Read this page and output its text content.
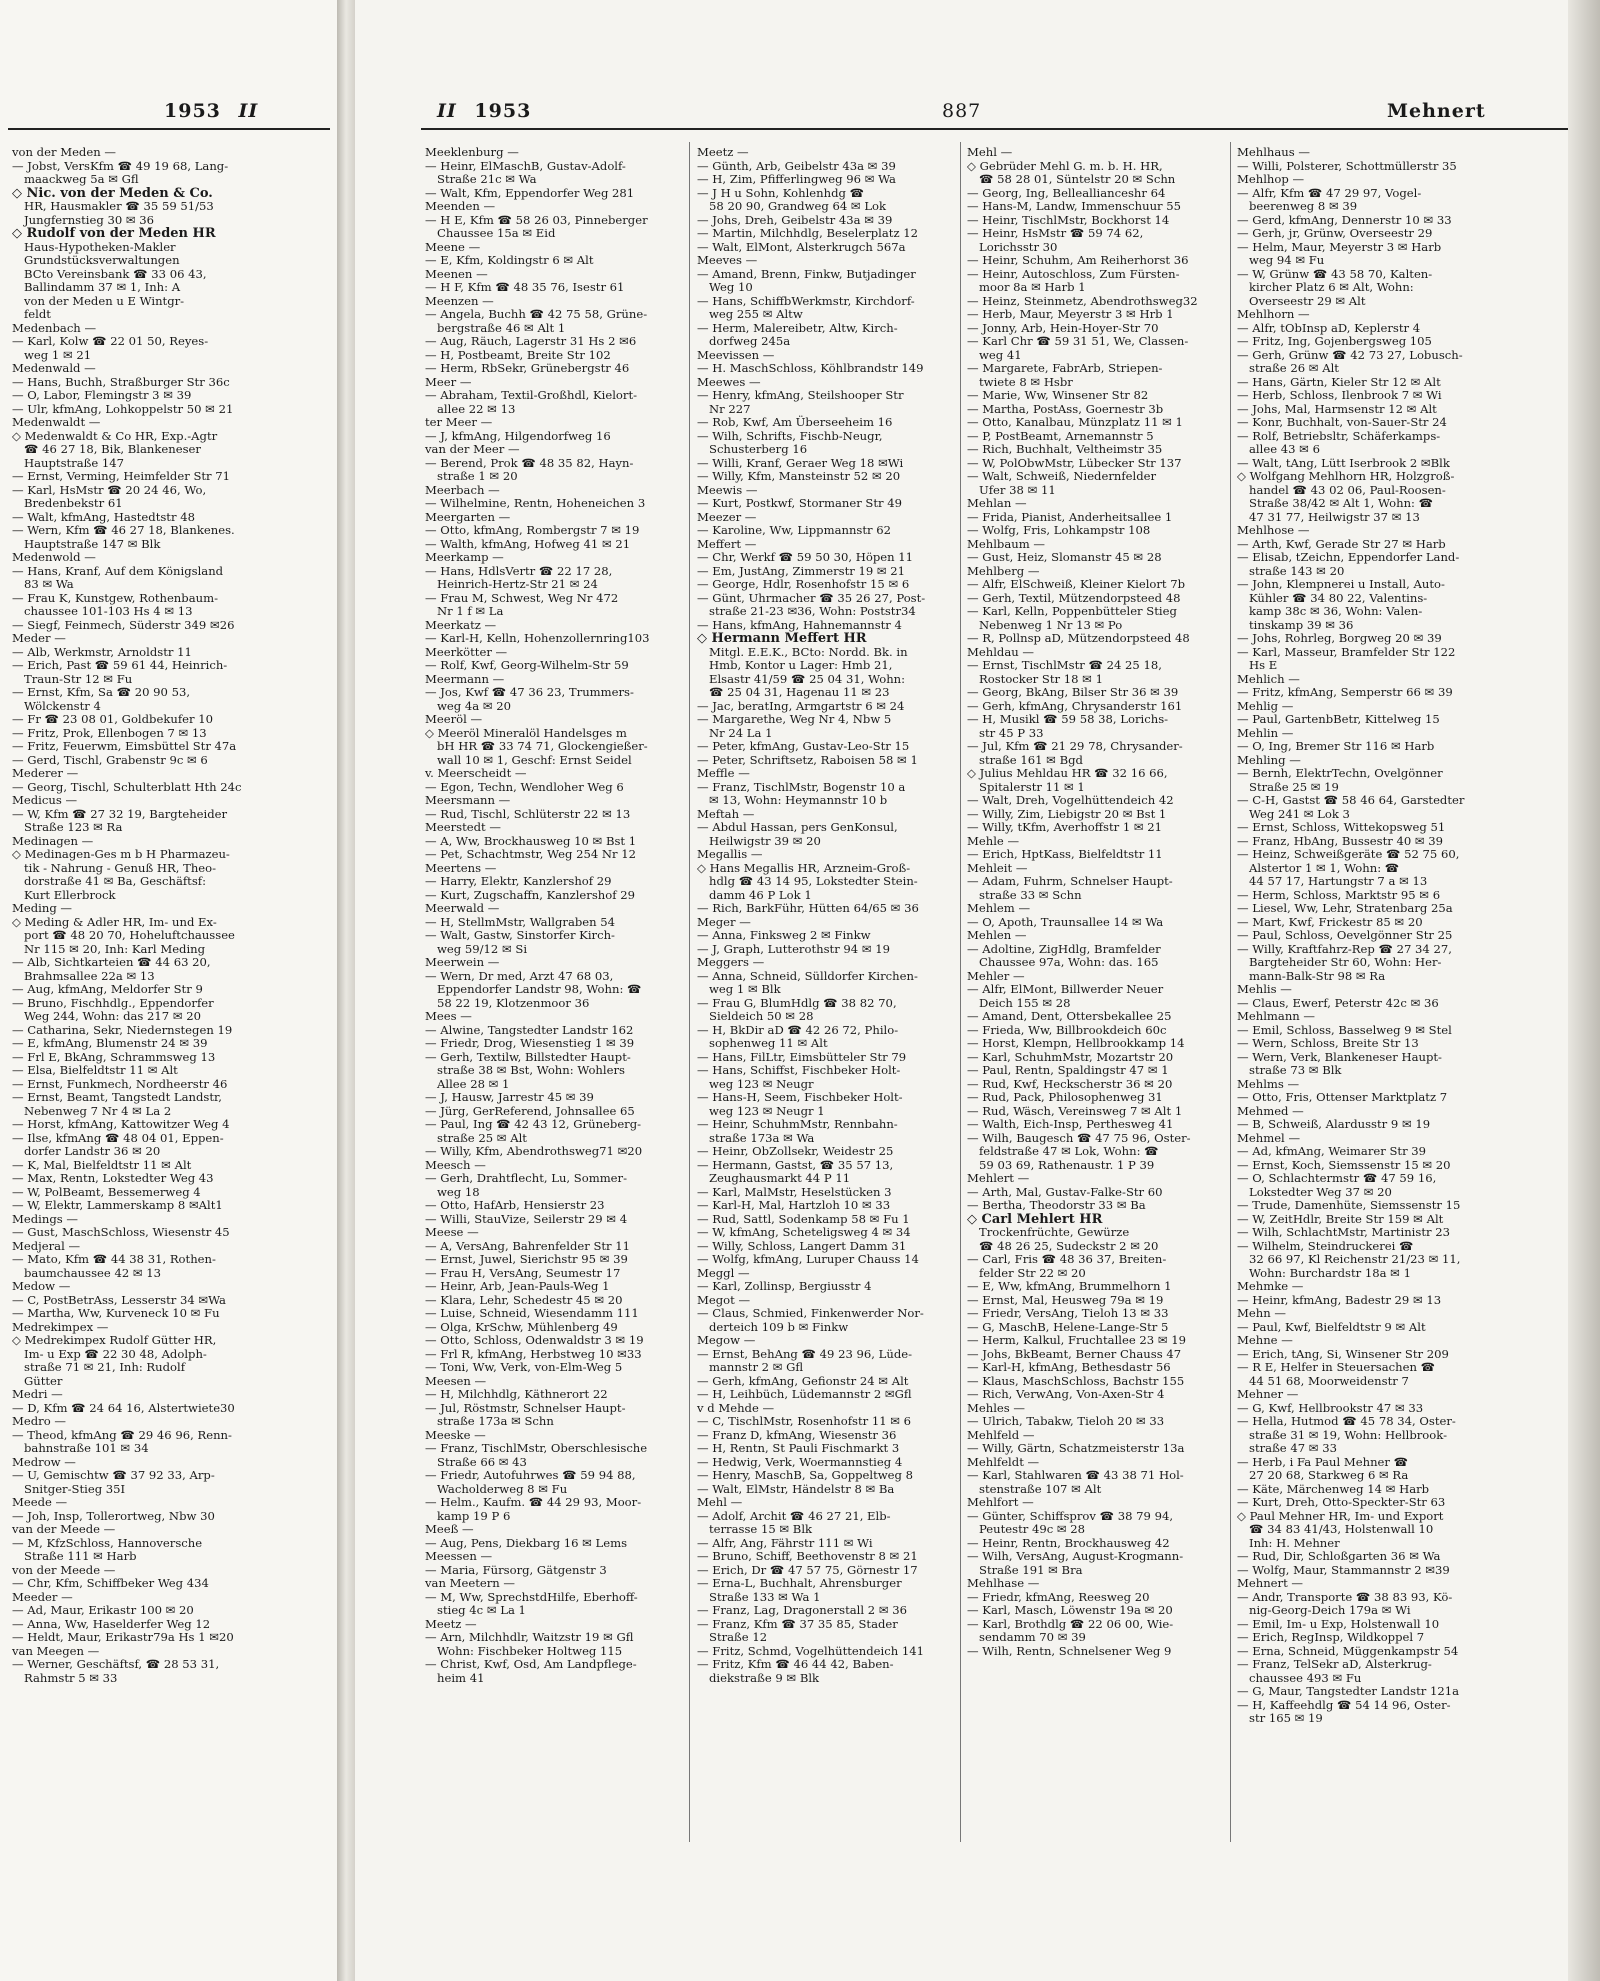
1953 II
von der Meden —
— Jobst, VersKfm ☎ 49 19 68, Lang-
maackweg 5a ✉ Gfl
◇ Nic. von der Meden & Co.
HR, Hausmakler ☎ 35 59 51/53
Jungfernstieg 30 ✉ 36
◇ Rudolf von der Meden HR
Haus-Hypotheken-Makler
Grundstücksverwaltungen
BCto Vereinsbank ☎ 33 06 43,
Ballindamm 37 ✉ 1, Inh: A
von der Meden u E Wintgr-
feldt
Medenbach —
— Karl, Kolw ☎ 22 01 50, Reyes-
weg 1 ✉ 21
Medenwald —
— Hans, Buchh, Straßburger Str 36c
— O, Labor, Flemingstr 3 ✉ 39
— Ulr, kfmAng, Lohkoppelstr 50 ✉ 21
Medenwaldt —
◇ Medenwaldt & Co HR, Exp.-Agtr
☎ 46 27 18, Bik, Blankeneser
Hauptstraße 147
— Ernst, Verming, Heimfelder Str 71
— Karl, HsMstr ☎ 20 24 46, Wo,
Bredenbekstr 61
— Walt, kfmAng, Hastedtstr 48
— Wern, Kfm ☎ 46 27 18, Blankenes.
Hauptstraße 147 ✉ Blk
Medenwold —
— Hans, Kranf, Auf dem Königsland
83 ✉ Wa
— Frau K, Kunstgew, Rothenbaum-
chaussee 101-103 Hs 4 ✉ 13
— Siegf, Feinmech, Süderstr 349 ✉26
Meder —
— Alb, Werkmstr, Arnoldstr 11
— Erich, Past ☎ 59 61 44, Heinrich-
Traun-Str 12 ✉ Fu
— Ernst, Kfm, Sa ☎ 20 90 53,
Wölckenstr 4
— Fr ☎ 23 08 01, Goldbekufer 10
— Fritz, Prok, Ellenbogen 7 ✉ 13
— Fritz, Feuerwm, Eimsbüttel Str 47a
— Gerd, Tischl, Grabenstr 9c ✉ 6
Mederer —
— Georg, Tischl, Schulterblatt Hth 24c
Medicus —
— W, Kfm ☎ 27 32 19, Bargteheider
Straße 123 ✉ Ra
Medinagen —
◇ Medinagen-Ges m b H Pharmazeu-
tik - Nahrung - Genuß HR, Theo-
dorstraße 41 ✉ Ba, Geschäftsf:
Kurt Ellerbrock
Meding —
◇ Meding & Adler HR, Im- und Ex-
port ☎ 48 20 70, Hoheluftchaussee
Nr 115 ✉ 20, Inh: Karl Meding
— Alb, Sichtkarteien ☎ 44 63 20,
Brahmsallee 22a ✉ 13
— Aug, kfmAng, Meldorfer Str 9
— Bruno, Fischhdlg., Eppendorfer
Weg 244, Wohn: das 217 ✉ 20
— Catharina, Sekr, Niedernstegen 19
— E, kfmAng, Blumenstr 24 ✉ 39
— Frl E, BkAng, Schrammsweg 13
— Elsa, Bielfeldtstr 11 ✉ Alt
— Ernst, Funkmech, Nordheerstr 46
— Ernst, Beamt, Tangstedt Landstr,
Nebenweg 7 Nr 4 ✉ La 2
— Horst, kfmAng, Kattowitzer Weg 4
— Ilse, kfmAng ☎ 48 04 01, Eppen-
dorfer Landstr 36 ✉ 20
— K, Mal, Bielfeldtstr 11 ✉ Alt
— Max, Rentn, Lokstedter Weg 43
— W, PolBeamt, Bessemerweg 4
— W, Elektr, Lammerskamp 8 ✉Alt1
Medings —
— Gust, MaschSchloss, Wiesenstr 45
Medjeral —
— Mato, Kfm ☎ 44 38 31, Rothen-
baumchaussee 42 ✉ 13
Medow —
— C, PostBetrAss, Lesserstr 34 ✉Wa
— Martha, Ww, Kurveneck 10 ✉ Fu
Medrekimpex —
◇ Medrekimpex Rudolf Gütter HR,
Im- u Exp ☎ 22 30 48, Adolph-
straße 71 ✉ 21, Inh: Rudolf
Gütter
Medri —
— D, Kfm ☎ 24 64 16, Alstertwiete30
Medro —
— Theod, kfmAng ☎ 29 46 96, Renn-
bahnstraße 101 ✉ 34
Medrow —
— U, Gemischtw ☎ 37 92 33, Arp-
Snitger-Stieg 35I
Meede —
— Joh, Insp, Tollerortweg, Nbw 30
van der Meede —
— M, KfzSchloss, Hannoversche
Straße 111 ✉ Harb
von der Meede —
— Chr, Kfm, Schiffbeker Weg 434
Meeder —
— Ad, Maur, Erikastr 100 ✉ 20
— Anna, Ww, Haselderfer Weg 12
— Heldt, Maur, Erikastr79a Hs 1 ✉20
van Meegen —
— Werner, Geschäftsf, ☎ 28 53 31,
Rahmstr 5 ✉ 33
II 1953	887	Mehnert
Meeklenburg —
— Heinr, ElMaschB, Gustav-Adolf-
Straße 21c ✉ Wa
— Walt, Kfm, Eppendorfer Weg 281
Meenden —
— H E, Kfm ☎ 58 26 03, Pinneberger
Chaussee 15a ✉ Eid
Meene —
— E, Kfm, Koldingstr 6 ✉ Alt
Meenen —
— H F, Kfm ☎ 48 35 76, Isestr 61
Meenzen —
— Angela, Buchh ☎ 42 75 58, Grüne-
bergstraße 46 ✉ Alt 1
— Aug, Räuch, Lagerstr 31 Hs 2 ✉6
— H, Postbeamt, Breite Str 102
— Herm, RbSekr, Grünebergstr 46
Meer —
— Abraham, Textil-Großhdl, Kielort-
allee 22 ✉ 13
ter Meer —
— J, kfmAng, Hilgendorfweg 16
van der Meer —
— Berend, Prok ☎ 48 35 82, Hayn-
straße 1 ✉ 20
Meerbach —
— Wilhelmine, Rentn, Hoheneichen 3
Meergarten —
— Otto, kfmAng, Rombergstr 7 ✉ 19
— Walth, kfmAng, Hofweg 41 ✉ 21
Meerkamp —
— Hans, HdlsVertr ☎ 22 17 28,
Heinrich-Hertz-Str 21 ✉ 24
— Frau M, Schwest, Weg Nr 472
Nr 1 f ✉ La
Meerkatz —
— Karl-H, Kelln, Hohenzollernring103
Meerkötter —
— Rolf, Kwf, Georg-Wilhelm-Str 59
Meermann —
— Jos, Kwf ☎ 47 36 23, Trummers-
weg 4a ✉ 20
Meeröl —
◇ Meeröl Mineralöl Handelsges m
bH HR ☎ 33 74 71, Glockengießer-
wall 10 ✉ 1, Geschf: Ernst Seidel
v. Meerscheidt —
— Egon, Techn, Wendloher Weg 6
Meersmann —
— Rud, Tischl, Schlüterstr 22 ✉ 13
Meerstedt —
— A, Ww, Brockhausweg 10 ✉ Bst 1
— Pet, Schachtmstr, Weg 254 Nr 12
Meertens —
— Harry, Elektr, Kanzlershof 29
— Kurt, Zugschaffn, Kanzlershof 29
Meerwald —
— H, StellmMstr, Wallgraben 54
— Walt, Gastw, Sinstorfer Kirch-
weg 59/12 ✉ Si
Meerwein —
— Wern, Dr med, Arzt 47 68 03,
Eppendorfer Landstr 98, Wohn: ☎
58 22 19, Klotzenmoor 36
Mees —
— Alwine, Tangstedter Landstr 162
— Friedr, Drog, Wiesenstieg 1 ✉ 39
— Gerh, Textilw, Billstedter Haupt-
straße 38 ✉ Bst, Wohn: Wohlers
Allee 28 ✉ 1
— J, Hausw, Jarrestr 45 ✉ 39
— Jürg, GerReferend, Johnsallee 65
— Paul, Ing ☎ 42 43 12, Grüneberg-
straße 25 ✉ Alt
— Willy, Kfm, Abendrothsweg71 ✉20
Meesch —
— Gerh, Drahtflecht, Lu, Sommer-
weg 18
— Otto, HafArb, Hensierstr 23
— Willi, StauVize, Seilerstr 29 ✉ 4
Meese —
— A, VersAng, Bahrenfelder Str 11
— Ernst, Juwel, Sierichstr 95 ✉ 39
— Frau H, VersAng, Seumestr 17
— Heinr, Arb, Jean-Pauls-Weg 1
— Klara, Lehr, Schedestr 45 ✉ 20
— Luise, Schneid, Wiesendamm 111
— Olga, KrSchw, Mühlenberg 49
— Otto, Schloss, Odenwaldstr 3 ✉ 19
— Frl R, kfmAng, Herbstweg 10 ✉33
— Toni, Ww, Verk, von-Elm-Weg 5
Meesen —
— H, Milchhdlg, Käthnerort 22
— Jul, Röstmstr, Schnelser Haupt-
straße 173a ✉ Schn
Meeske —
— Franz, TischlMstr, Oberschlesische
Straße 66 ✉ 43
— Friedr, Autofuhrwes ☎ 59 94 88,
Wacholderweg 8 ✉ Fu
— Helm., Kaufm. ☎ 44 29 93, Moor-
kamp 19 P 6
Meeß —
— Aug, Pens, Diekbarg 16 ✉ Lems
Meessen —
— Maria, Fürsorg, Gätgenstr 3
van Meetern —
— M, Ww, SprechstdHilfe, Eberhoff-
stieg 4c ✉ La 1
Meetz —
— Arn, Milchhdlr, Waitzstr 19 ✉ Gfl
Wohn: Fischbeker Holtweg 115
— Christ, Kwf, Osd, Am Landpflege-
heim 41
Meetz —
— Günth, Arb, Geibelstr 43a ✉ 39
— H, Zim, Pfifferlingweg 96 ✉ Wa
— J H u Sohn, Kohlenhdg ☎
58 20 90, Grandweg 64 ✉ Lok
— Johs, Dreh, Geibelstr 43a ✉ 39
— Martin, Milchhdlg, Beselerplatz 12
— Walt, ElMont, Alsterkrugch 567a
Meeves —
— Amand, Brenn, Finkw, Butjadinger
Weg 10
— Hans, SchiffbWerkmstr, Kirchdorf-
weg 255 ✉ Altw
— Herm, Malereibetr, Altw, Kirch-
dorfweg 245a
Meevissen —
— H. MaschSchloss, Köhlbrandstr 149
Meewes —
— Henry, kfmAng, Steilshooper Str
Nr 227
— Rob, Kwf, Am Überseeheim 16
— Wilh, Schrifts, Fischb-Neugr,
Schusterberg 16
— Willi, Kranf, Geraer Weg 18 ✉Wi
— Willy, Kfm, Mansteinstr 52 ✉ 20
Meewis —
— Kurt, Postkwf, Stormaner Str 49
Meezer —
— Karoline, Ww, Lippmannstr 62
Meffert —
— Chr, Werkf ☎ 59 50 30, Höpen 11
— Em, JustAng, Zimmerstr 19 ✉ 21
— George, Hdlr, Rosenhofstr 15 ✉ 6
— Günt, Uhrmacher ☎ 35 26 27, Post-
straße 21-23 ✉36, Wohn: Poststr34
— Hans, kfmAng, Hahnemannstr 4
◇ Hermann Meffert HR
Mitgl. E.E.K., BCto: Nordd. Bk. in
Hmb, Kontor u Lager: Hmb 21,
Elsastr 41/59 ☎ 25 04 31, Wohn:
☎ 25 04 31, Hagenau 11 ✉ 23
— Jac, beratIng, Armgartstr 6 ✉ 24
— Margarethe, Weg Nr 4, Nbw 5
Nr 24 La 1
— Peter, kfmAng, Gustav-Leo-Str 15
— Peter, Schriftsetz, Raboisen 58 ✉ 1
Meffle —
— Franz, TischlMstr, Bogenstr 10 a
✉ 13, Wohn: Heymannstr 10 b
Meftah —
— Abdul Hassan, pers GenKonsul,
Heilwigstr 39 ✉ 20
Megallis —
◇ Hans Megallis HR, Arzneim-Groß-
hdlg ☎ 43 14 95, Lokstedter Stein-
damm 46 P Lok 1
— Rich, BarkFühr, Hütten 64/65 ✉ 36
Meger —
— Anna, Finksweg 2 ✉ Finkw
— J, Graph, Lutterothstr 94 ✉ 19
Meggers —
— Anna, Schneid, Sülldorfer Kirchen-
weg 1 ✉ Blk
— Frau G, BlumHdlg ☎ 38 82 70,
Sieldeich 50 ✉ 28
— H, BkDir aD ☎ 42 26 72, Philo-
sophenweg 11 ✉ Alt
— Hans, FilLtr, Eimsbütteler Str 79
— Hans, Schiffst, Fischbeker Holt-
weg 123 ✉ Neugr
— Hans-H, Seem, Fischbeker Holt-
weg 123 ✉ Neugr 1
— Heinr, SchuhmMstr, Rennbahn-
straße 173a ✉ Wa
— Heinr, ObZollsekr, Weidestr 25
— Hermann, Gastst, ☎ 35 57 13,
Zeughausmarkt 44 P 11
— Karl, MalMstr, Heselstücken 3
— Karl-H, Mal, Hartzloh 10 ✉ 33
— Rud, Sattl, Sodenkamp 58 ✉ Fu 1
— W, kfmAng, Scheteligsweg 4 ✉ 34
— Willy, Schloss, Langert Damm 31
— Wolfg, kfmAng, Luruper Chauss 14
Meggl —
— Karl, Zollinsp, Bergiusstr 4
Megot —
— Claus, Schmied, Finkenwerder Nor-
derteich 109 b ✉ Finkw
Megow —
— Ernst, BehAng ☎ 49 23 96, Lüde-
mannstr 2 ✉ Gfl
— Gerh, kfmAng, Gefionstr 24 ✉ Alt
— H, Leihbüch, Lüdemannstr 2 ✉Gfl
v d Mehde —
— C, TischlMstr, Rosenhofstr 11 ✉ 6
— Franz D, kfmAng, Wiesenstr 36
— H, Rentn, St Pauli Fischmarkt 3
— Hedwig, Verk, Woermannstieg 4
— Henry, MaschB, Sa, Goppeltweg 8
— Walt, ElMstr, Händelstr 8 ✉ Ba
Mehl —
— Adolf, Archit ☎ 46 27 21, Elb-
terrasse 15 ✉ Blk
— Alfr, Ang, Fährstr 111 ✉ Wi
— Bruno, Schiff, Beethovenstr 8 ✉ 21
— Erich, Dr ☎ 47 57 75, Görnestr 17
— Erna-L, Buchhalt, Ahrensburger
Straße 133 ✉ Wa 1
— Franz, Lag, Dragonerstall 2 ✉ 36
— Franz, Kfm ☎ 37 35 85, Stader
Straße 12
— Fritz, Schmd, Vogelhüttendeich 141
— Fritz, Kfm ☎ 46 44 42, Baben-
diekstraße 9 ✉ Blk
Mehl —
◇ Gebrüder Mehl G. m. b. H. HR,
☎ 58 28 01, Süntelstr 20 ✉ Schn
— Georg, Ing, Belleallianceshr 64
— Hans-M, Landw, Immenschuur 55
— Heinr, TischlMstr, Bockhorst 14
— Heinr, HsMstr ☎ 59 74 62,
Lorichsstr 30
— Heinr, Schuhm, Am Reiherhorst 36
— Heinr, Autoschloss, Zum Fürsten-
moor 8a ✉ Harb 1
— Heinz, Steinmetz, Abendrothsweg32
— Herb, Maur, Meyerstr 3 ✉ Hrb 1
— Jonny, Arb, Hein-Hoyer-Str 70
— Karl Chr ☎ 59 31 51, We, Classen-
weg 41
— Margarete, FabrArb, Striepen-
twiete 8 ✉ Hsbr
— Marie, Ww, Winsener Str 82
— Martha, PostAss, Goernestr 3b
— Otto, Kanalbau, Münzplatz 11 ✉ 1
— P, PostBeamt, Arnemannstr 5
— Rich, Buchhalt, Veltheimstr 35
— W, PolObwMstr, Lübecker Str 137
— Walt, Schweiß, Niedernfelder
Ufer 38 ✉ 11
Mehlan —
— Frida, Pianist, Anderheitsallee 1
— Wolfg, Fris, Lohkampstr 108
Mehlbaum —
— Gust, Heiz, Slomanstr 45 ✉ 28
Mehlberg —
— Alfr, ElSchweiß, Kleiner Kielort 7b
— Gerh, Textil, Mützendorpsteed 48
— Karl, Kelln, Poppenbütteler Stieg
Nebenweg 1 Nr 13 ✉ Po
— R, Pollnsp aD, Mützendorpsteed 48
Mehldau —
— Ernst, TischlMstr ☎ 24 25 18,
Rostocker Str 18 ✉ 1
— Georg, BkAng, Bilser Str 36 ✉ 39
— Gerh, kfmAng, Chrysanderstr 161
— H, Musikl ☎ 59 58 38, Lorichs-
str 45 P 33
— Jul, Kfm ☎ 21 29 78, Chrysander-
straße 161 ✉ Bgd
◇ Julius Mehldau HR ☎ 32 16 66,
Spitalerstr 11 ✉ 1
— Walt, Dreh, Vogelhüttendeich 42
— Willy, Zim, Liebigstr 20 ✉ Bst 1
— Willy, tKfm, Averhoffstr 1 ✉ 21
Mehle —
— Erich, HptKass, Bielfeldtstr 11
Mehleit —
— Adam, Fuhrm, Schnelser Haupt-
straße 33 ✉ Schn
Mehlem —
— O, Apoth, Traunsallee 14 ✉ Wa
Mehlen —
— Adoltine, ZigHdlg, Bramfelder
Chaussee 97a, Wohn: das. 165
Mehler —
— Alfr, ElMont, Billwerder Neuer
Deich 155 ✉ 28
— Amand, Dent, Ottersbekallee 25
— Frieda, Ww, Billbrookdeich 60c
— Horst, Klempn, Hellbrookkamp 14
— Karl, SchuhmMstr, Mozartstr 20
— Paul, Rentn, Spaldingstr 47 ✉ 1
— Rud, Kwf, Heckscherstr 36 ✉ 20
— Rud, Pack, Philosophenweg 31
— Rud, Wäsch, Vereinsweg 7 ✉ Alt 1
— Walth, Eich-Insp, Perthesweg 41
— Wilh, Baugesch ☎ 47 75 96, Oster-
feldstraße 47 ✉ Lok, Wohn: ☎
59 03 69, Rathenaustr. 1 P 39
Mehlert —
— Arth, Mal, Gustav-Falke-Str 60
— Bertha, Theodorstr 33 ✉ Ba
◇ Carl Mehlert HR
Trockenfrüchte, Gewürze
☎ 48 26 25, Sudeckstr 2 ✉ 20
— Carl, Fris ☎ 48 36 37, Breiten-
felder Str 22 ✉ 20
— E, Ww, kfmAng, Brummelhorn 1
— Ernst, Mal, Heusweg 79a ✉ 19
— Friedr, VersAng, Tieloh 13 ✉ 33
— G, MaschB, Helene-Lange-Str 5
— Herm, Kalkul, Fruchtallee 23 ✉ 19
— Johs, BkBeamt, Berner Chauss 47
— Karl-H, kfmAng, Bethesdastr 56
— Klaus, MaschSchloss, Bachstr 155
— Rich, VerwAng, Von-Axen-Str 4
Mehles —
— Ulrich, Tabakw, Tieloh 20 ✉ 33
Mehlfeld —
— Willy, Gärtn, Schatzmeisterstr 13a
Mehlfeldt —
— Karl, Stahlwaren ☎ 43 38 71 Hol-
stenstraße 107 ✉ Alt
Mehlfort —
— Günter, Schiffsprov ☎ 38 79 94,
Peutestr 49c ✉ 28
— Heinr, Rentn, Brockhausweg 42
— Wilh, VersAng, August-Krogmann-
Straße 191 ✉ Bra
Mehlhase —
— Friedr, kfmAng, Reesweg 20
— Karl, Masch, Löwenstr 19a ✉ 20
— Karl, Brothdlg ☎ 22 06 00, Wie-
sendamm 70 ✉ 39
— Wilh, Rentn, Schnelsener Weg 9
Mehlhaus —
— Willi, Polsterer, Schottmüllerstr 35
Mehlhop —
— Alfr, Kfm ☎ 47 29 97, Vogel-
beerenweg 8 ✉ 39
— Gerd, kfmAng, Dennerstr 10 ✉ 33
— Gerh, jr, Grünw, Overseestr 29
— Helm, Maur, Meyerstr 3 ✉ Harb
weg 94 ✉ Fu
— W, Grünw ☎ 43 58 70, Kalten-
kircher Platz 6 ✉ Alt, Wohn:
Overseestr 29 ✉ Alt
Mehlhorn —
— Alfr, tObInsp aD, Keplerstr 4
— Fritz, Ing, Gojenbergsweg 105
— Gerh, Grünw ☎ 42 73 27, Lobusch-
straße 26 ✉ Alt
— Hans, Gärtn, Kieler Str 12 ✉ Alt
— Herb, Schloss, Ilenbrook 7 ✉ Wi
— Johs, Mal, Harmsenstr 12 ✉ Alt
— Konr, Buchhalt, von-Sauer-Str 24
— Rolf, Betriebsltr, Schäferkamps-
allee 43 ✉ 6
— Walt, tAng, Lütt Iserbrook 2 ✉Blk
◇ Wolfgang Mehlhorn HR, Holzgroß-
handel ☎ 43 02 06, Paul-Roosen-
Straße 38/42 ✉ Alt 1, Wohn: ☎
47 31 77, Heilwigstr 37 ✉ 13
Mehlhose —
— Arth, Kwf, Gerade Str 27 ✉ Harb
— Elisab, tZeichn, Eppendorfer Land-
straße 143 ✉ 20
— John, Klempnerei u Install, Auto-
Kühler ☎ 34 80 22, Valentins-
kamp 38c ✉ 36, Wohn: Valen-
tinskamp 39 ✉ 36
— Johs, Rohrleg, Borgweg 20 ✉ 39
— Karl, Masseur, Bramfelder Str 122
Hs E
Mehlich —
— Fritz, kfmAng, Semperstr 66 ✉ 39
Mehlig —
— Paul, GartenbBetr, Kittelweg 15
Mehlin —
— O, Ing, Bremer Str 116 ✉ Harb
Mehling —
— Bernh, ElektrTechn, Ovelgönner
Straße 25 ✉ 19
— C-H, Gastst ☎ 58 46 64, Garstedter
Weg 241 ✉ Lok 3
— Ernst, Schloss, Wittekopsweg 51
— Franz, HbAng, Bussestr 40 ✉ 39
— Heinz, Schweißgeräte ☎ 52 75 60,
Alstertor 1 ✉ 1, Wohn: ☎
44 57 17, Hartungstr 7 a ✉ 13
— Herm, Schloss, Marktstr 95 ✉ 6
— Liesel, Ww, Lehr, Stratenbarg 25a
— Mart, Kwf, Frickestr 85 ✉ 20
— Paul, Schloss, Oevelgönner Str 25
— Willy, Kraftfahrz-Rep ☎ 27 34 27,
Bargteheider Str 60, Wohn: Her-
mann-Balk-Str 98 ✉ Ra
Mehlis —
— Claus, Ewerf, Peterstr 42c ✉ 36
Mehlmann —
— Emil, Schloss, Basselweg 9 ✉ Stel
— Wern, Schloss, Breite Str 13
— Wern, Verk, Blankeneser Haupt-
straße 73 ✉ Blk
Mehlms —
— Otto, Fris, Ottenser Marktplatz 7
Mehmed —
— B, Schweiß, Alardusstr 9 ✉ 19
Mehmel —
— Ad, kfmAng, Weimarer Str 39
— Ernst, Koch, Siemssenstr 15 ✉ 20
— O, Schlachtermstr ☎ 47 59 16,
Lokstedter Weg 37 ✉ 20
— Trude, Damenhüte, Siemssenstr 15
— W, ZeitHdlr, Breite Str 159 ✉ Alt
— Wilh, SchlachtMstr, Martinistr 23
— Wilhelm, Steindruckerei ☎
32 66 97, Kl Reichenstr 21/23 ✉ 11,
Wohn: Burchardstr 18a ✉ 1
Mehmke —
— Heinr, kfmAng, Badestr 29 ✉ 13
Mehn —
— Paul, Kwf, Bielfeldtstr 9 ✉ Alt
Mehne —
— Erich, tAng, Si, Winsener Str 209
— R E, Helfer in Steuersachen ☎
44 51 68, Moorweidenstr 7
Mehner —
— G, Kwf, Hellbrookstr 47 ✉ 33
— Hella, Hutmod ☎ 45 78 34, Oster-
straße 31 ✉ 19, Wohn: Hellbrook-
straße 47 ✉ 33
— Herb, i Fa Paul Mehner ☎
27 20 68, Starkweg 6 ✉ Ra
— Käte, Märchenweg 14 ✉ Harb
— Kurt, Dreh, Otto-Speckter-Str 63
◇ Paul Mehner HR, Im- und Export
☎ 34 83 41/43, Holstenwall 10
Inh: H. Mehner
— Rud, Dir, Schloßgarten 36 ✉ Wa
— Wolfg, Maur, Stammannstr 2 ✉39
Mehnert —
— Andr, Transporte ☎ 38 83 93, Kö-
nig-Georg-Deich 179a ✉ Wi
— Emil, Im- u Exp, Holstenwall 10
— Erich, RegInsp, Wildkoppel 7
— Erna, Schneid, Müggenkampstr 54
— Franz, TelSekr aD, Alsterkrug-
chaussee 493 ✉ Fu
— G, Maur, Tangstedter Landstr 121a
— H, Kaffeehdlg ☎ 54 14 96, Oster-
str 165 ✉ 19
